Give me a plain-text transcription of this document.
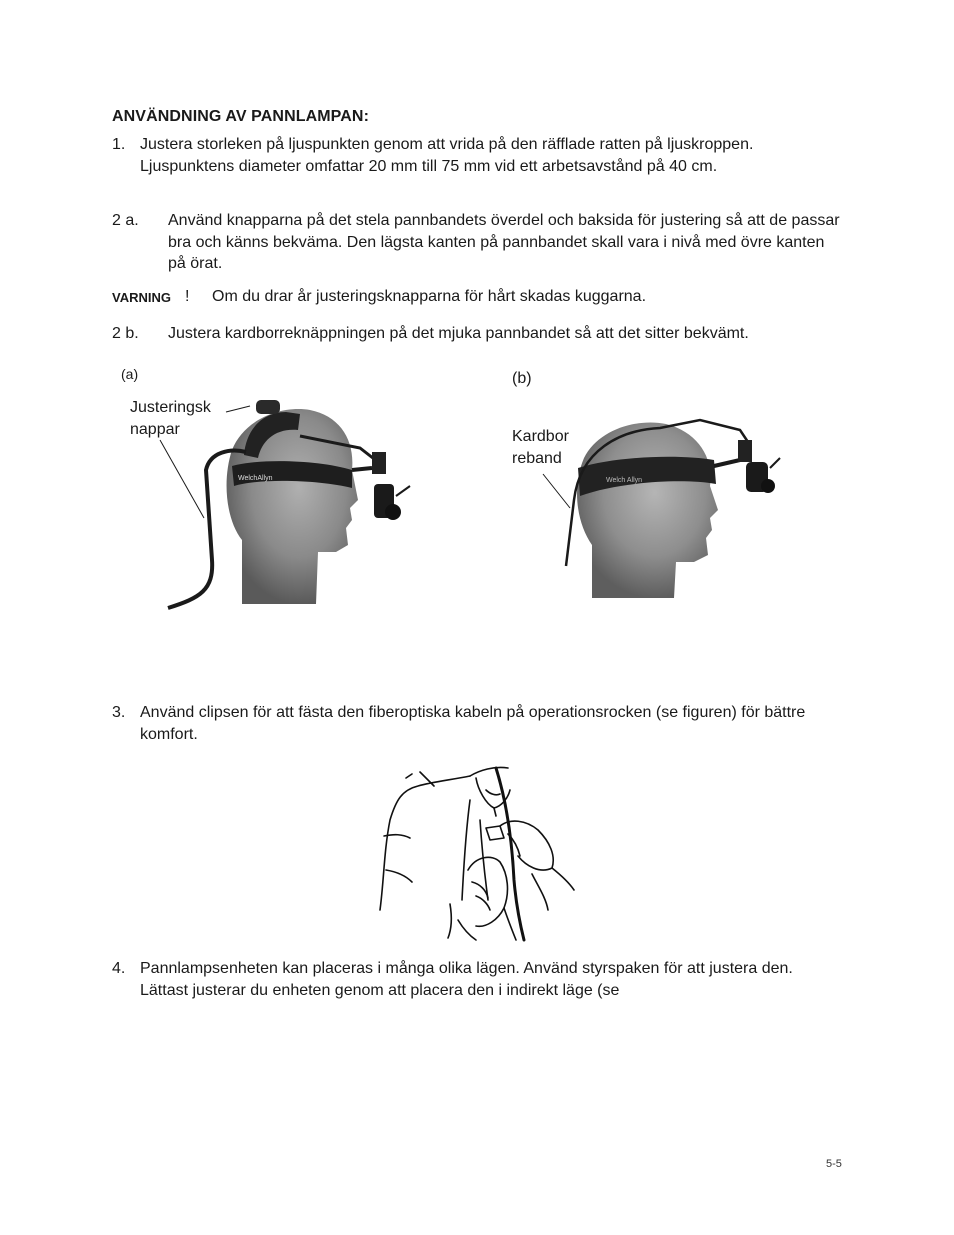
ANVÄNDNING AV PANNLAMPAN:
1. Justera storleken på ljuspunkten genom att vrida på den räfflade ratten på ljuskroppen. Ljuspunktens diameter omfattar 20 mm till 75 mm vid ett arbetsavstånd på 40 cm.
2 a. Använd knapparna på det stela pannbandets överdel och baksida för justering så att de passar bra och känns bekväma. Den lägsta kanten på pannbandet skall vara i nivå med övre kanten på örat.
VARNING ! Om du drar år justeringsknapparna för hårt skadas kuggarna.
2 b. Justera kardborreknäppningen på det mjuka pannbandet så att det sitter bekvämt.
(a)	(b)
Justeringsk nappar	Kardbor reband
WelchAllyn	Welch Allyn
3. Använd clipsen för att fästa den fiberoptiska kabeln på operationsrocken (se figuren) för bättre komfort.
4. Pannlampsenheten kan placeras i många olika lägen. Använd styrspaken för att justera den. Lättast justerar du enheten genom att placera den i indirekt läge (se
5-5
